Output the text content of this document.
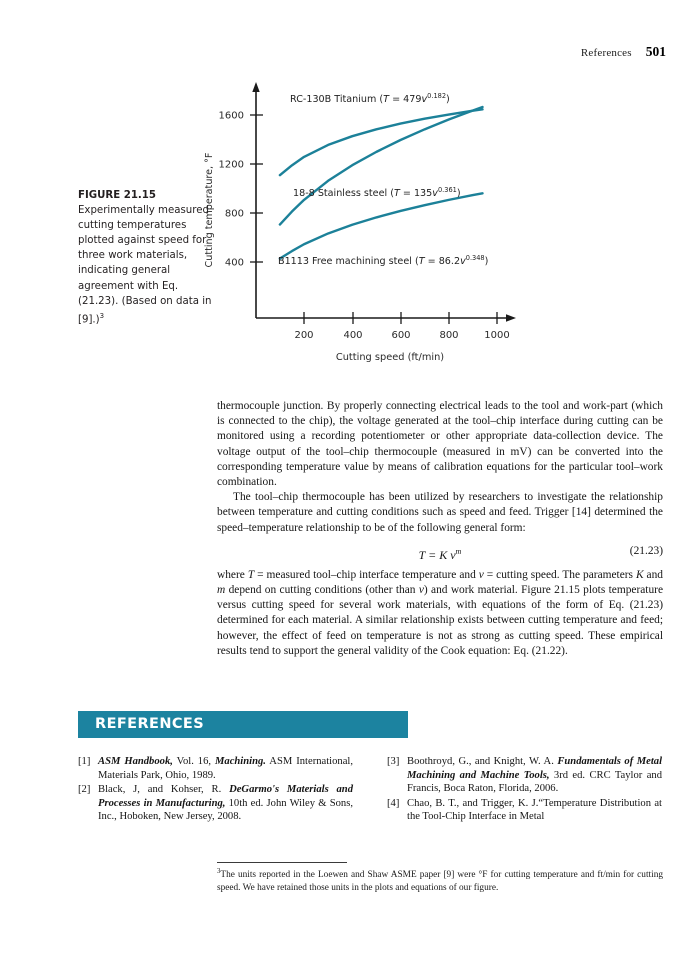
References 501
FIGURE 21.15
Experimentally measured cutting temperatures plotted against speed for three work materials, indicating general agreement with Eq. (21.23). (Based on data in [9].)$^3$
1600
1200
800
400
Cutting temperature, °F
200	400	600	800	1000
Cutting speed (ft/min)
RC-130B Titanium $(T = 479v^{0.182})$
18-8 Stainless steel $(T = 135v^{0.361})$
B1113 Free machining steel $(T = 86.2v^{0.348})$

thermocouple junction. By properly connecting electrical leads to the tool and work-part (which is connected to the chip), the voltage generated at the tool–chip interface during cutting can be monitored using a recording potentiometer or other appropriate data-collection device. The voltage output of the tool–chip thermocouple (measured in mV) can be converted into the corresponding temperature value by means of calibration equations for the particular tool–work combination.

The tool–chip thermocouple has been utilized by researchers to investigate the relationship between temperature and cutting conditions such as speed and feed. Trigger [14] determined the speed–temperature relationship to be of the following general form:

T = K $v^m$	(21.23)

where T = measured tool–chip interface temperature and v = cutting speed. The parameters K and m depend on cutting conditions (other than v) and work material. Figure 21.15 plots temperature versus cutting speed for several work materials, with equations of the form of Eq. (21.23) determined for each material. A similar relationship exists between cutting temperature and feed; however, the effect of feed on temperature is not as strong as cutting speed. These empirical results tend to support the general validity of the Cook equation: Eq. (21.22).

REFERENCES
[1] ASM Handbook, Vol. 16, Machining. ASM International, Materials Park, Ohio, 1989.
[2] Black, J, and Kohser, R. DeGarmo's Materials and Processes in Manufacturing, 10th ed. John Wiley & Sons, Inc., Hoboken, New Jersey, 2008.
[3] Boothroyd, G., and Knight, W. A. Fundamentals of Metal Machining and Machine Tools, 3rd ed. CRC Taylor and Francis, Boca Raton, Florida, 2006.
[4] Chao, B. T., and Trigger, K. J.“Temperature Distribution at the Tool-Chip Interface in Metal
$^3$The units reported in the Loewen and Shaw ASME paper [9] were °F for cutting temperature and ft/min for cutting speed. We have retained those units in the plots and equations of our figure.
